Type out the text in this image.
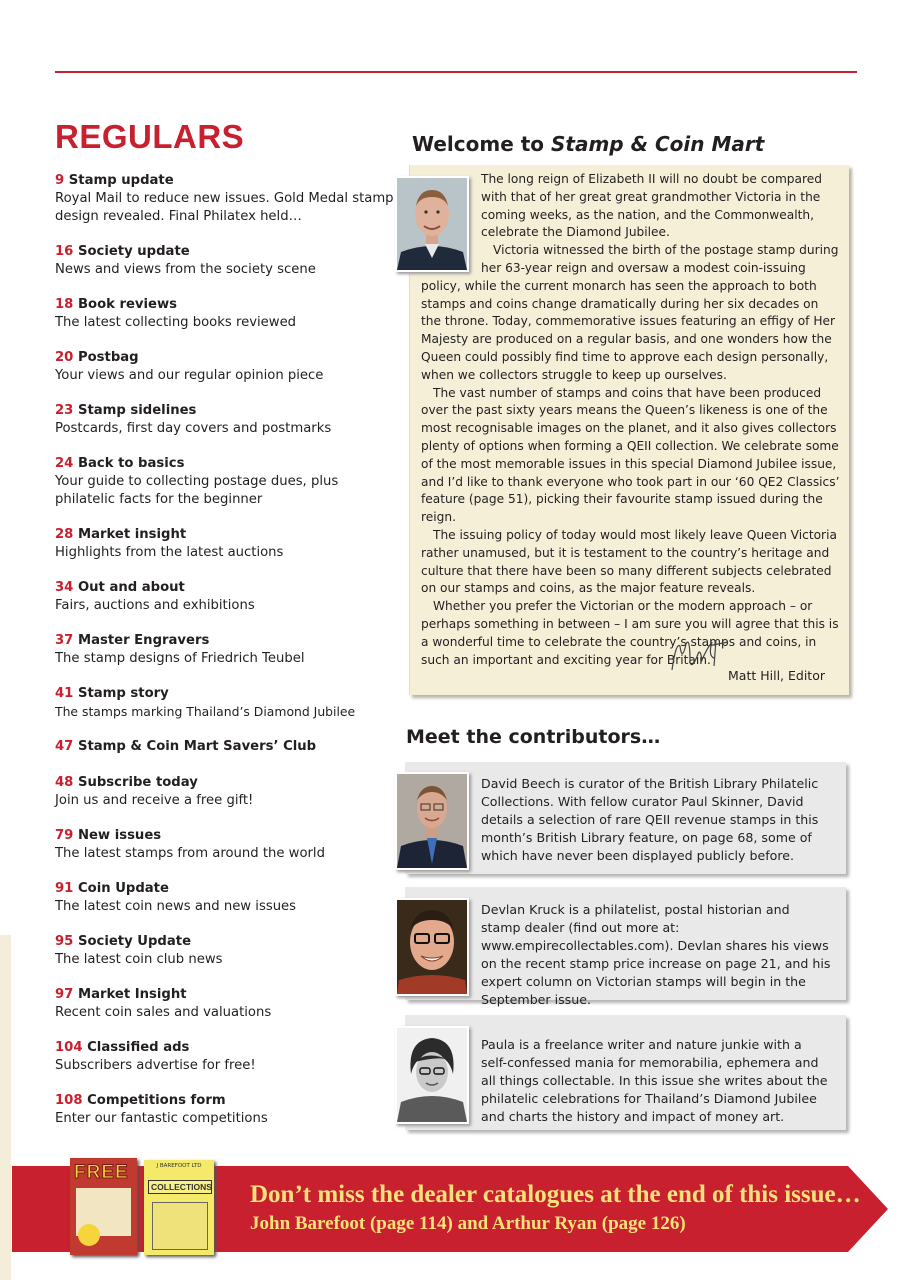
REGULARS
9 Stamp update
Royal Mail to reduce new issues. Gold Medal stamp design revealed. Final Philatex held…
16 Society update
News and views from the society scene
18 Book reviews
The latest collecting books reviewed
20 Postbag
Your views and our regular opinion piece
23 Stamp sidelines
Postcards, first day covers and postmarks
24 Back to basics
Your guide to collecting postage dues, plus philatelic facts for the beginner
28 Market insight
Highlights from the latest auctions
34 Out and about
Fairs, auctions and exhibitions
37 Master Engravers
The stamp designs of Friedrich Teubel
41 Stamp story
The stamps marking Thailand’s Diamond Jubilee
47 Stamp & Coin Mart Savers’ Club
48 Subscribe today
Join us and receive a free gift!
79 New issues
The latest stamps from around the world
91 Coin Update
The latest coin news and new issues
95 Society Update
The latest coin club news
97 Market Insight
Recent coin sales and valuations
104 Classified ads
Subscribers advertise for free!
108 Competitions form
Enter our fantastic competitions
Welcome to Stamp & Coin Mart

The long reign of Elizabeth II will no doubt be compared with that of her great great grandmother Victoria in the coming weeks, as the nation, and the Commonwealth, celebrate the Diamond Jubilee.

Victoria witnessed the birth of the postage stamp during her 63-year reign and oversaw a modest coin-issuing policy, while the current monarch has seen the approach to both stamps and coins change dramatically during her six decades on the throne. Today, commemorative issues featuring an effigy of Her Majesty are produced on a regular basis, and one wonders how the Queen could possibly find time to approve each design personally, when we collectors struggle to keep up ourselves.

The vast number of stamps and coins that have been produced over the past sixty years means the Queen’s likeness is one of the most recognisable images on the planet, and it also gives collectors plenty of options when forming a QEII collection. We celebrate some of the most memorable issues in this special Diamond Jubilee issue, and I’d like to thank everyone who took part in our ‘60 QE2 Classics’ feature (page 51), picking their favourite stamp issued during the reign.

The issuing policy of today would most likely leave Queen Victoria rather unamused, but it is testament to the country’s heritage and culture that there have been so many different subjects celebrated on our stamps and coins, as the major feature reveals.

Whether you prefer the Victorian or the modern approach – or perhaps something in between – I am sure you will agree that this is a wonderful time to celebrate the country’s stamps and coins, in such an important and exciting year for Britain.

Matt Hill, Editor
Meet the contributors…

David Beech is curator of the British Library Philatelic Collections. With fellow curator Paul Skinner, David details a selection of rare QEII revenue stamps in this month’s British Library feature, on page 68, some of which have never been displayed publicly before.

Devlan Kruck is a philatelist, postal historian and stamp dealer (find out more at: www.empirecollectables.com). Devlan shares his views on the recent stamp price increase on page 21, and his expert column on Victorian stamps will begin in the September issue.

Paula is a freelance writer and nature junkie with a self-confessed mania for memorabilia, ephemera and all things collectable. In this issue she writes about the philatelic celebrations for Thailand’s Diamond Jubilee and charts the history and impact of money art.

FREE	J BAREFOOT LTD
COLLECTIONS Don’t miss the dealer catalogues at the end of this issue…

John Barefoot (page 114) and Arthur Ryan (page 126)
